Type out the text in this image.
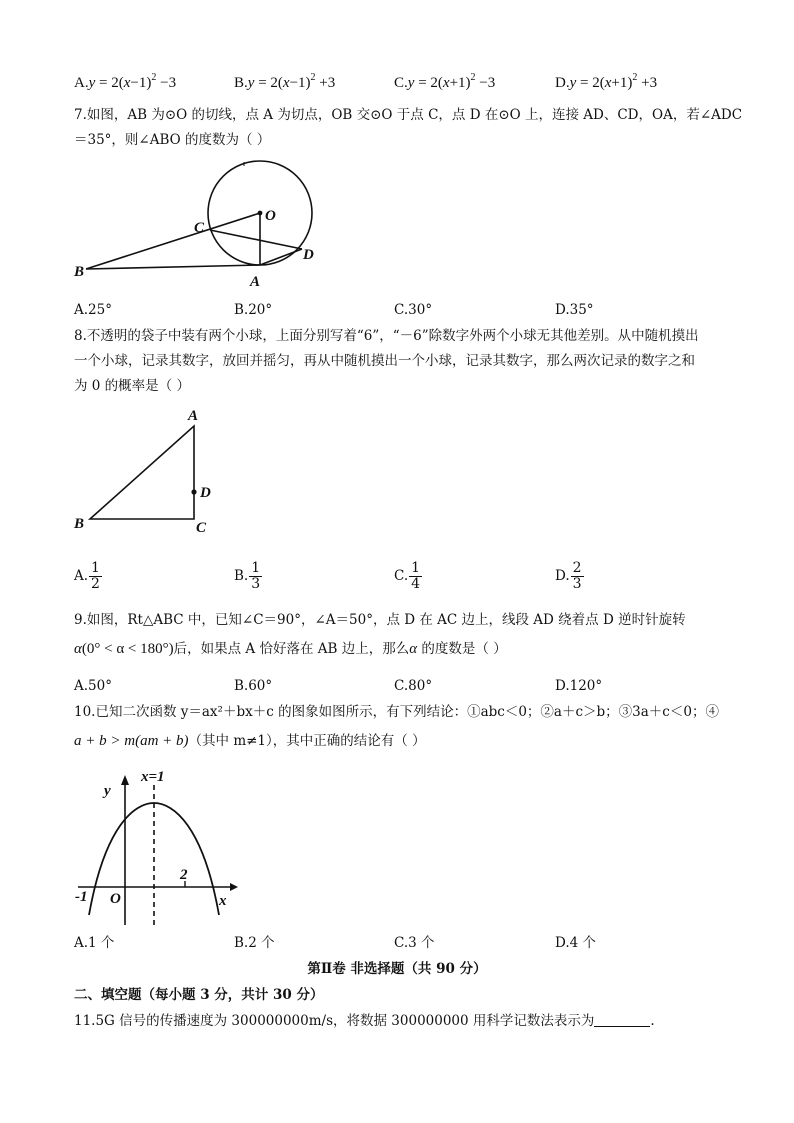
$A.y = 2(x-1)^2 -3$	$B.y = 2(x-1)^2 +3$	$C.y = 2(x+1)^2 -3$	$D.y = 2(x+1)^2 +3$
7.如图，AB 为⊙O 的切线，点 A 为切点，OB 交⊙O 于点 C，点 D 在⊙O 上，连接 AD、CD，OA，若∠ADC
＝35°，则∠ABO 的度数为（ ）
O
C
D
B
A
A.25°	B.20°	C.30°	D.35°
8.不透明的袋子中装有两个小球，上面分别写着“6”，“－6”除数字外两个小球无其他差别。从中随机摸出
一个小球，记录其数字，放回并摇匀，再从中随机摸出一个小球，记录其数字，那么两次记录的数字之和
为 0 的概率是（ ）
A
D
B	C
A. $\frac{1}{2}$	B. $\frac{1}{3}$	C. $\frac{1}{4}$	D. $\frac{2}{3}$
9.如图，Rt△ABC 中，已知∠C＝90°，∠A＝50°，点 D 在 AC 边上，线段 AD 绕着点 D 逆时针旋转
α(0° < α < 180°)后，如果点 A 恰好落在 AB 边上，那么α 的度数是（ ）
A.50°	B.60°	C.80°	D.120°
10.已知二次函数 y＝ax²＋bx＋c 的图象如图所示，有下列结论：①abc＜0；②a＋c＞b；③3a＋c＜0；④
a + b > m(am + b)（其中 m≠1），其中正确的结论有（ ）
x=1
y
x
-1 O
2
A.1 个	B.2 个	C.3 个	D.4 个
第Ⅱ卷 非选择题（共 90 分）
二、填空题（每小题 3 分，共计 30 分）
11.5G 信号的传播速度为 300000000m/s，将数据 300000000 用科学记数法表示为	.
